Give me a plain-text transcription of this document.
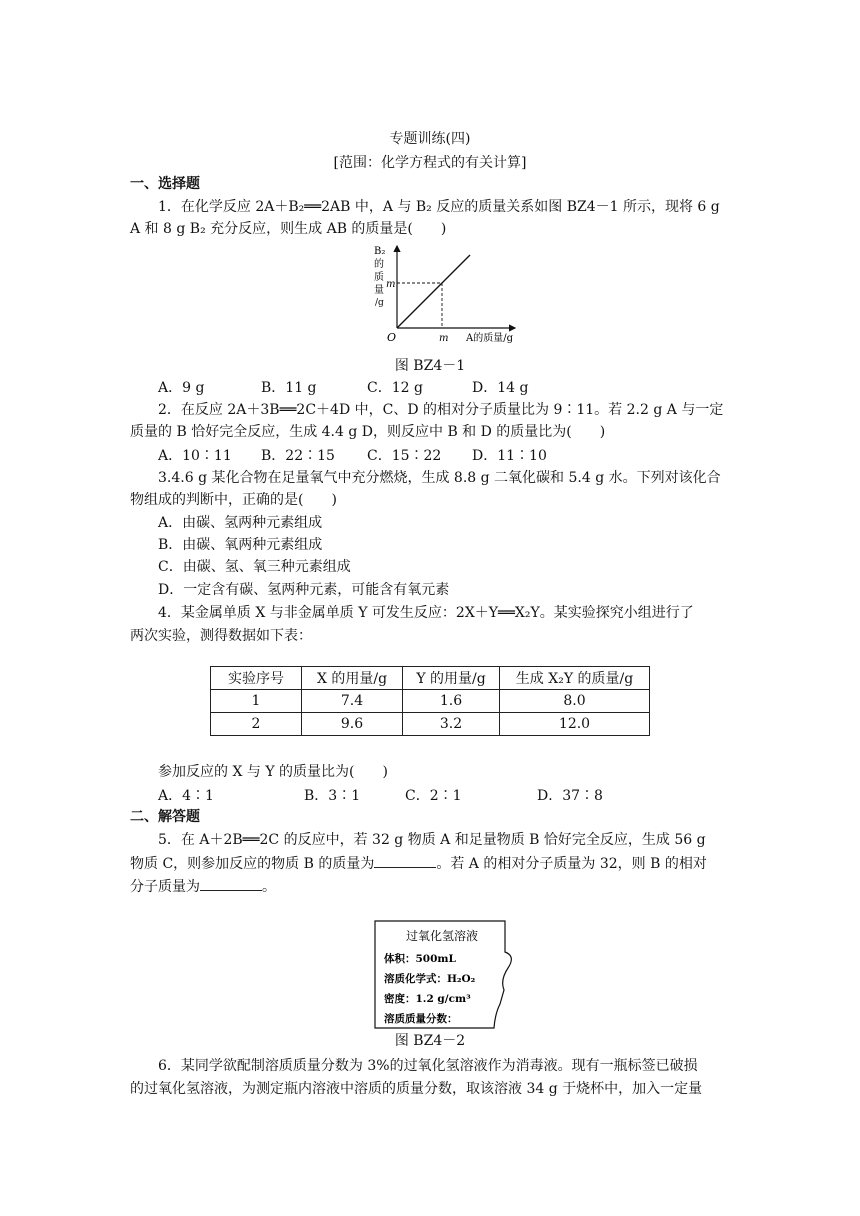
专题训练(四)
[范围：化学方程式的有关计算]
一、选择题
1．在化学反应 2A＋B₂══2AB 中，A 与 B₂ 反应的质量关系如图 BZ4－1 所示，现将 6 g
A 和 8 g B₂ 充分反应，则生成 AB 的质量是(　　)
B₂
的
质
量
/g
m
m
O	A的质量/g
图 BZ4－1
A．9 g	B．11 g	C．12 g	D．14 g
2．在反应 2A＋3B══2C＋4D 中，C、D 的相对分子质量比为 9∶11。若 2.2 g A 与一定
质量的 B 恰好完全反应，生成 4.4 g D，则反应中 B 和 D 的质量比为(　　)
A．10∶11 B．22∶15 C．15∶22 D．11∶10
3.4.6 g 某化合物在足量氧气中充分燃烧，生成 8.8 g 二氧化碳和 5.4 g 水。下列对该化合
物组成的判断中，正确的是(　　)
A．由碳、氢两种元素组成
B．由碳、氧两种元素组成
C．由碳、氢、氧三种元素组成
D．一定含有碳、氢两种元素，可能含有氧元素
4．某金属单质 X 与非金属单质 Y 可发生反应：2X＋Y══X₂Y。某实验探究小组进行了
两次实验，测得数据如下表：
实验序号	X 的用量/g	Y 的用量/g	生成 X₂Y 的质量/g
1	7.4	1.6	8.0
2	9.6	3.2	12.0
参加反应的 X 与 Y 的质量比为(　　)
A．4∶1	B．3∶1	C．2∶1	D．37∶8
二、解答题
5．在 A＋2B══2C 的反应中，若 32 g 物质 A 和足量物质 B 恰好完全反应，生成 56 g
物质 C，则参加反应的物质 B 的质量为	。若 A 的相对分子质量为 32，则 B 的相对
分子质量为	。
过氧化氢溶液
体积：500mL
溶质化学式：H₂O₂
密度：1.2 g/cm³
溶质质量分数：
图 BZ4－2
6．某同学欲配制溶质质量分数为 3%的过氧化氢溶液作为消毒液。现有一瓶标签已破损
的过氧化氢溶液，为测定瓶内溶液中溶质的质量分数，取该溶液 34 g 于烧杯中，加入一定量
